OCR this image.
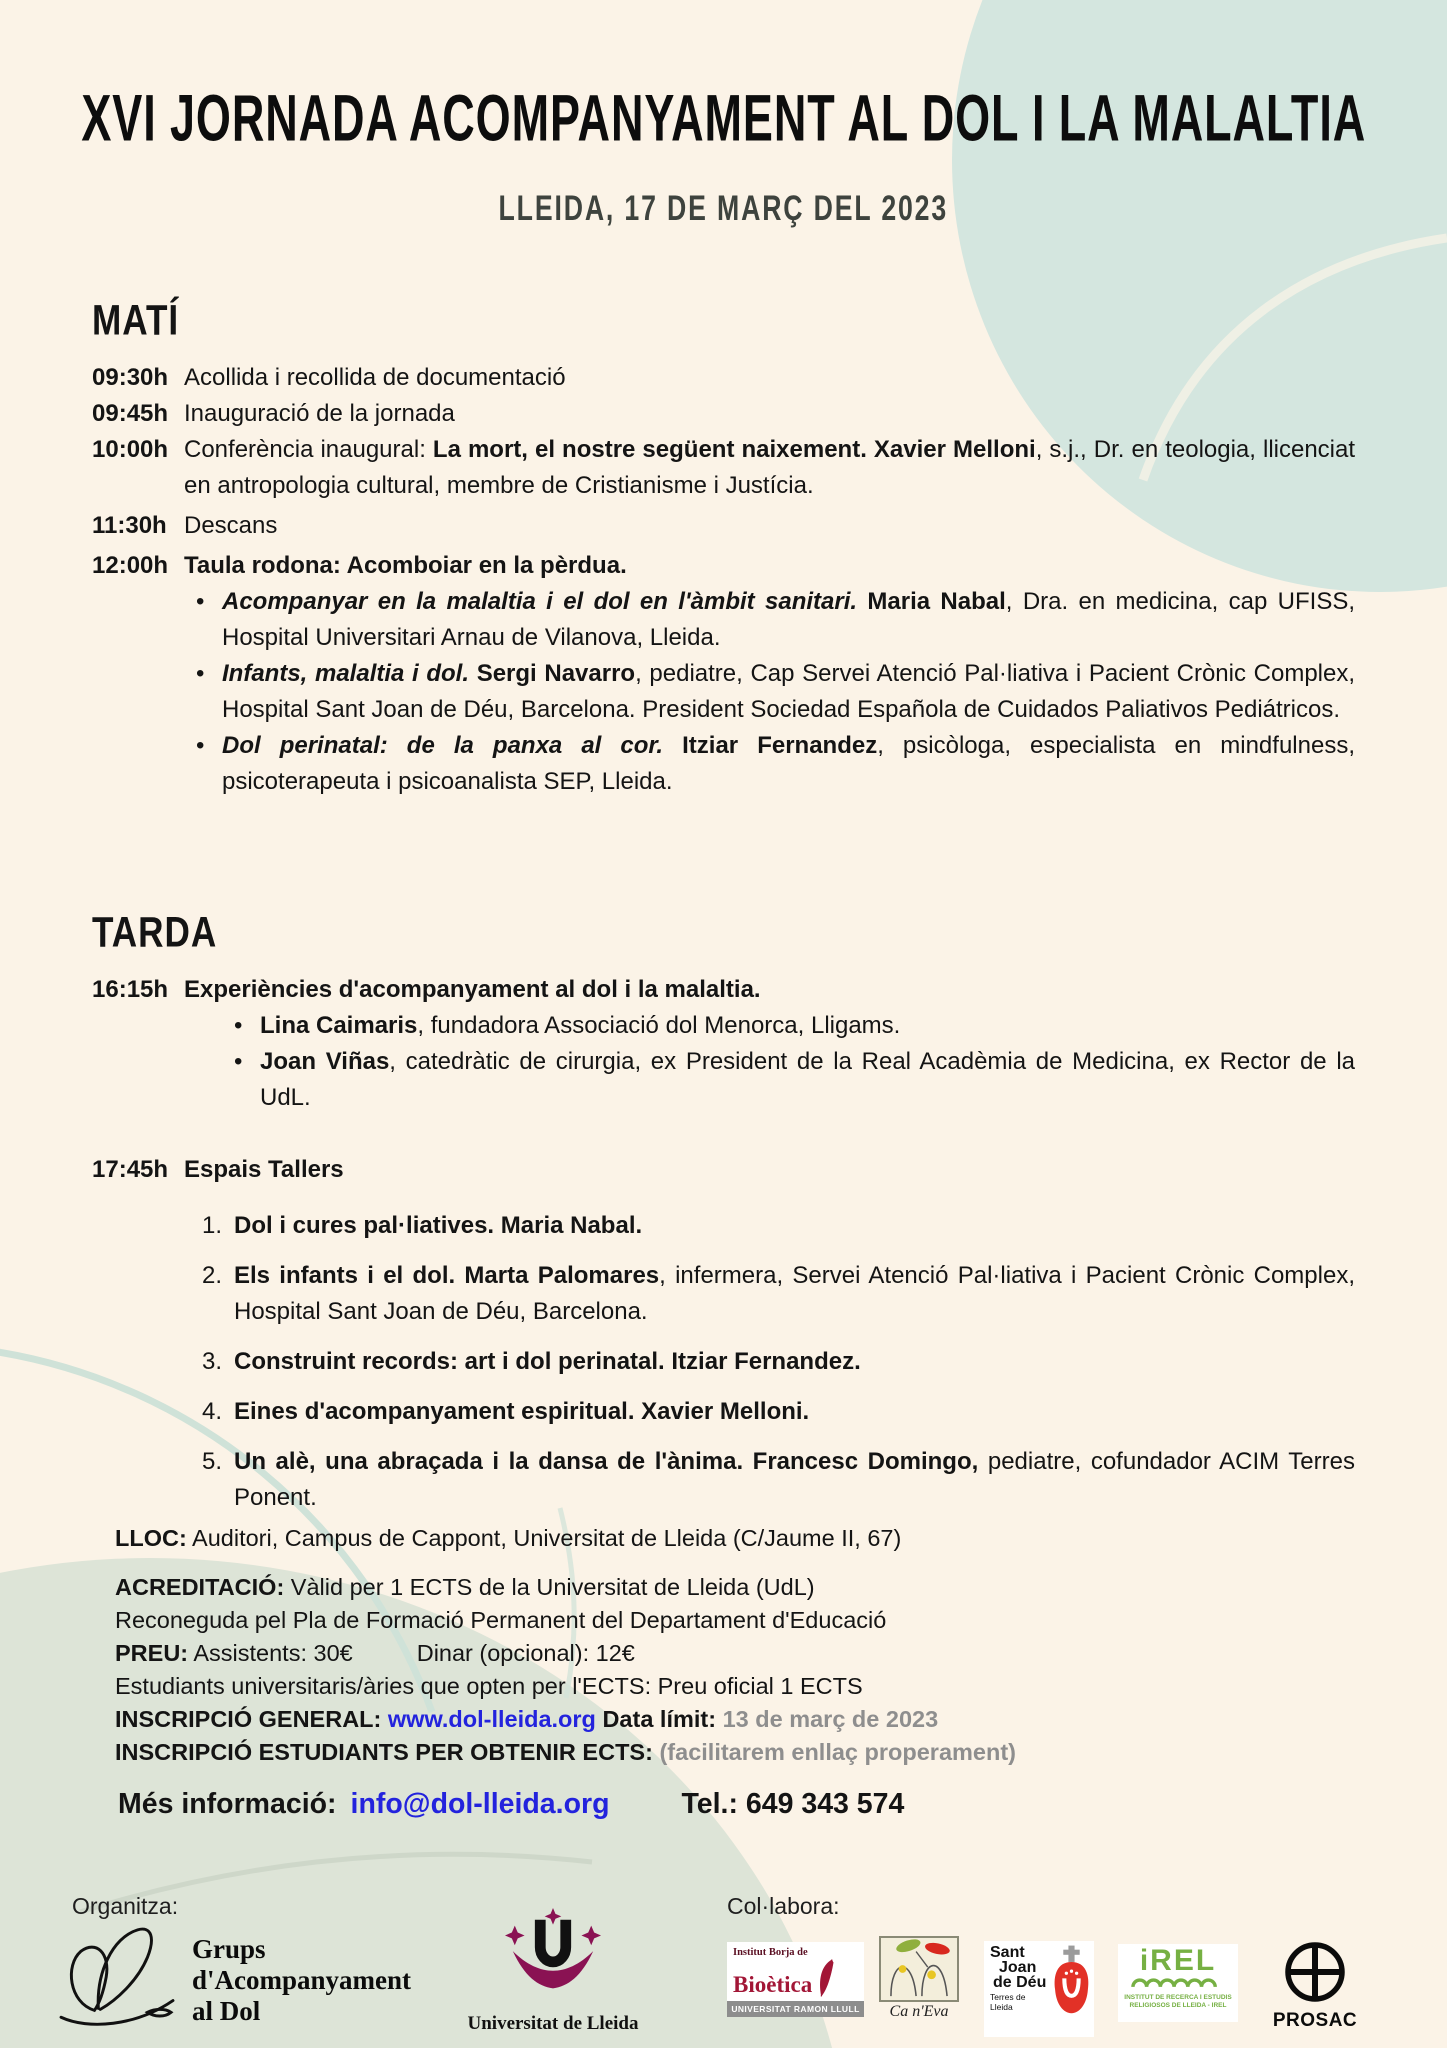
XVI JORNADA ACOMPANYAMENT AL DOL I LA MALALTIA
LLEIDA, 17 DE MARÇ DEL 2023
MATÍ
09:30h Acollida i recollida de documentació
09:45h Inauguració de la jornada
10:00h Conferència inaugural: La mort, el nostre següent naixement. Xavier Melloni, s.j., Dr. en teologia, llicenciat en antropologia cultural, membre de Cristianisme i Justícia.
11:30h Descans
12:00h Taula rodona: Acomboiar en la pèrdua.
• Acompanyar en la malaltia i el dol en l'àmbit sanitari. Maria Nabal, Dra. en medicina, cap UFISS, Hospital Universitari Arnau de Vilanova, Lleida.
• Infants, malaltia i dol. Sergi Navarro, pediatre, Cap Servei Atenció Pal·liativa i Pacient Crònic Complex, Hospital Sant Joan de Déu, Barcelona. President Sociedad Española de Cuidados Paliativos Pediátricos.
• Dol perinatal: de la panxa al cor. Itziar Fernandez, psicòloga, especialista en mindfulness, psicoterapeuta i psicoanalista SEP, Lleida.
TARDA
16:15h Experiències d'acompanyament al dol i la malaltia.
• Lina Caimaris, fundadora Associació dol Menorca, Lligams.
• Joan Viñas, catedràtic de cirurgia, ex President de la Real Acadèmia de Medicina, ex Rector de la UdL.
17:45h Espais Tallers
1. Dol i cures pal·liatives. Maria Nabal.
2. Els infants i el dol. Marta Palomares, infermera, Servei Atenció Pal·liativa i Pacient Crònic Complex, Hospital Sant Joan de Déu, Barcelona.
3. Construint records: art i dol perinatal. Itziar Fernandez.
4. Eines d'acompanyament espiritual. Xavier Melloni.
5. Un alè, una abraçada i la dansa de l'ànima. Francesc Domingo, pediatre, cofundador ACIM Terres Ponent.
LLOC: Auditori, Campus de Cappont, Universitat de Lleida (C/Jaume II, 67)
ACREDITACIÓ: Vàlid per 1 ECTS de la Universitat de Lleida (UdL)
Reconeguda pel Pla de Formació Permanent del Departament d'Educació
PREU: Assistents: 30€	Dinar (opcional): 12€
Estudiants universitaris/àries que opten per l'ECTS: Preu oficial 1 ECTS
INSCRIPCIÓ GENERAL: www.dol-lleida.org Data límit: 13 de març de 2023
INSCRIPCIÓ ESTUDIANTS PER OBTENIR ECTS: (facilitarem enllaç properament)
Més informació: info@dol-lleida.org	Tel.: 649 343 574
Organitza:	Col·labora:
Grups
d'Acompanyament
al Dol	Universitat de Lleida
Institut Borja de
Bioètica
UNIVERSITAT RAMON LLULL	Ca n'Eva
Sant
Joan
de Déu
Terres de Lleida
iREL
INSTITUT DE RECERCA I ESTUDIS
RELIGIOSOS DE LLEIDA - IREL
PROSAC
